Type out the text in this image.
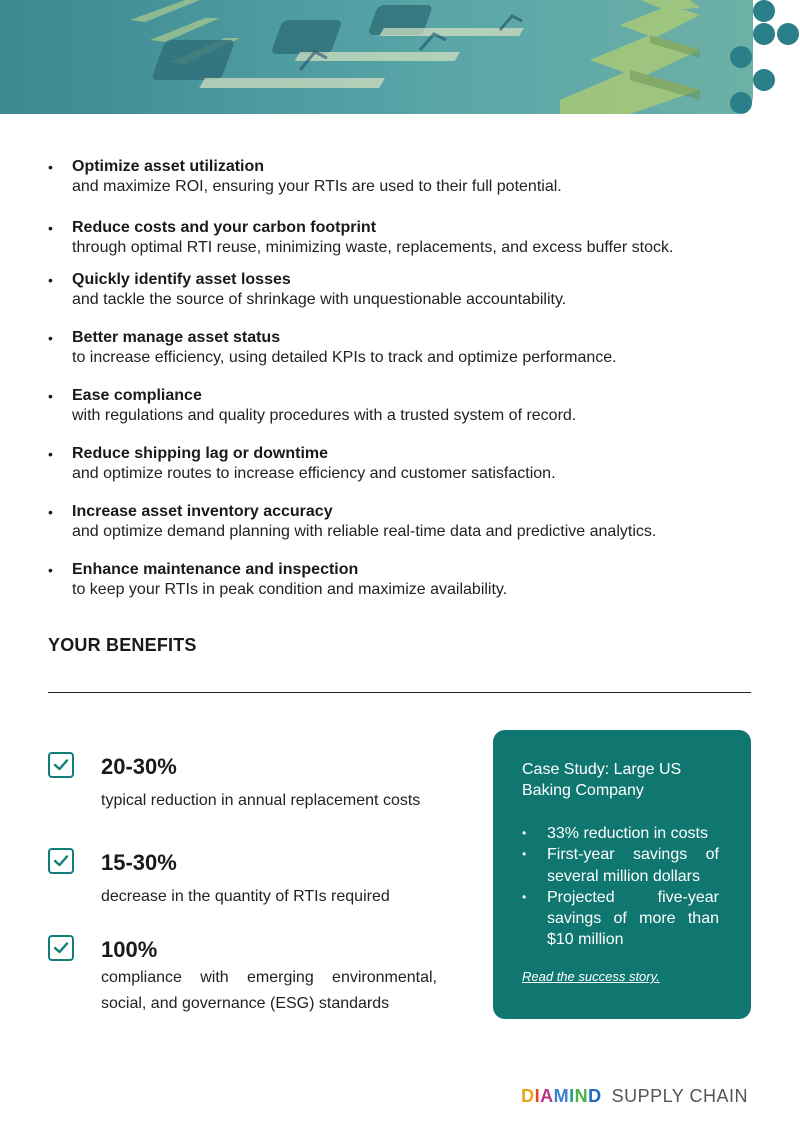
• Optimize asset utilization
and maximize ROI, ensuring your RTIs are used to their full potential.
• Reduce costs and your carbon footprint
through optimal RTI reuse, minimizing waste, replacements, and excess buffer stock.
• Quickly identify asset losses
and tackle the source of shrinkage with unquestionable accountability.
• Better manage asset status
to increase efficiency, using detailed KPIs to track and optimize performance.
• Ease compliance
with regulations and quality procedures with a trusted system of record.
• Reduce shipping lag or downtime
and optimize routes to increase efficiency and customer satisfaction.
• Increase asset inventory accuracy
and optimize demand planning with reliable real-time data and predictive analytics.
• Enhance maintenance and inspection
to keep your RTIs in peak condition and maximize availability.
YOUR BENEFITS
20-30%
typical reduction in annual replacement costs
15-30%
decrease in the quantity of RTIs required
100%
compliance with emerging environmental, social, and governance (ESG) standards
Case Study: Large US Baking Company
• 33% reduction in costs
• First-year savings of several million dollars
• Projected five-year savings of more than $10 million
Read the success story.
DIAMIND SUPPLY CHAIN
